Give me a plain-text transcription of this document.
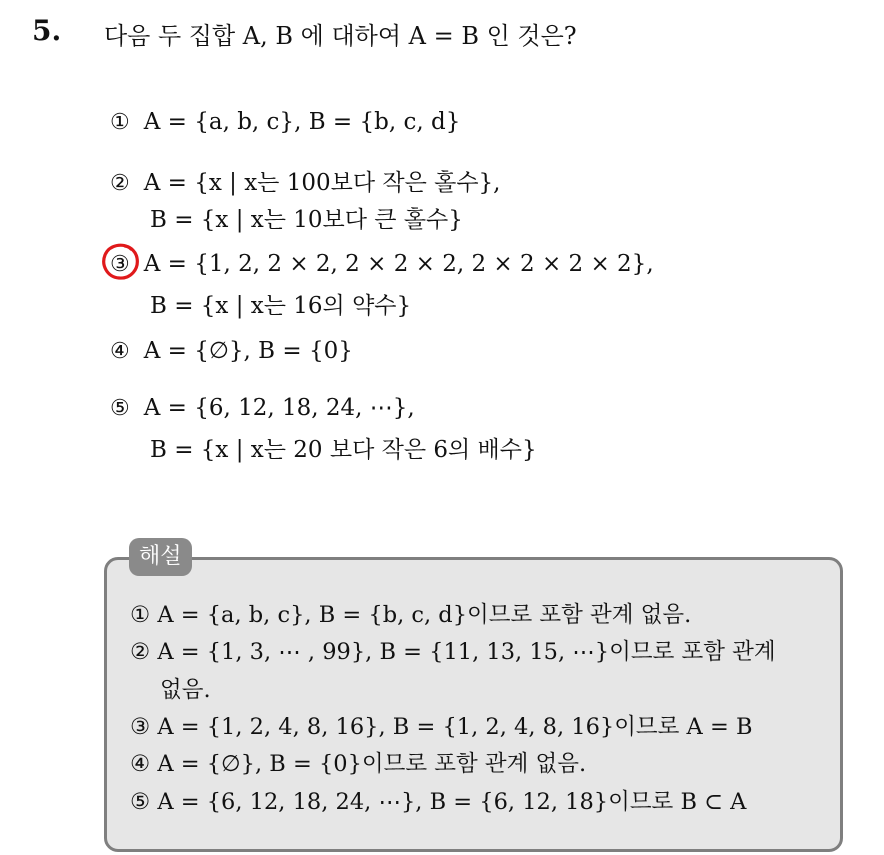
5. 다음 두 집합 A, B 에 대하여 A = B 인 것은?
① A = {a, b, c}, B = {b, c, d}
② A = {x | x는 100보다 작은 홀수},
B = {x | x는 10보다 큰 홀수}
③ A = {1, 2, 2 × 2, 2 × 2 × 2, 2 × 2 × 2 × 2},
B = {x | x는 16의 약수}
④ A = {∅}, B = {0}
⑤ A = {6, 12, 18, 24, ⋯},
B = {x | x는 20 보다 작은 6의 배수}
해설
① A = {a, b, c}, B = {b, c, d}이므로 포함 관계 없음.
② A = {1, 3, ⋯ , 99}, B = {11, 13, 15, ⋯}이므로 포함 관계
없음.
③ A = {1, 2, 4, 8, 16}, B = {1, 2, 4, 8, 16}이므로 A = B
④ A = {∅}, B = {0}이므로 포함 관계 없음.
⑤ A = {6, 12, 18, 24, ⋯}, B = {6, 12, 18}이므로 B ⊂ A
